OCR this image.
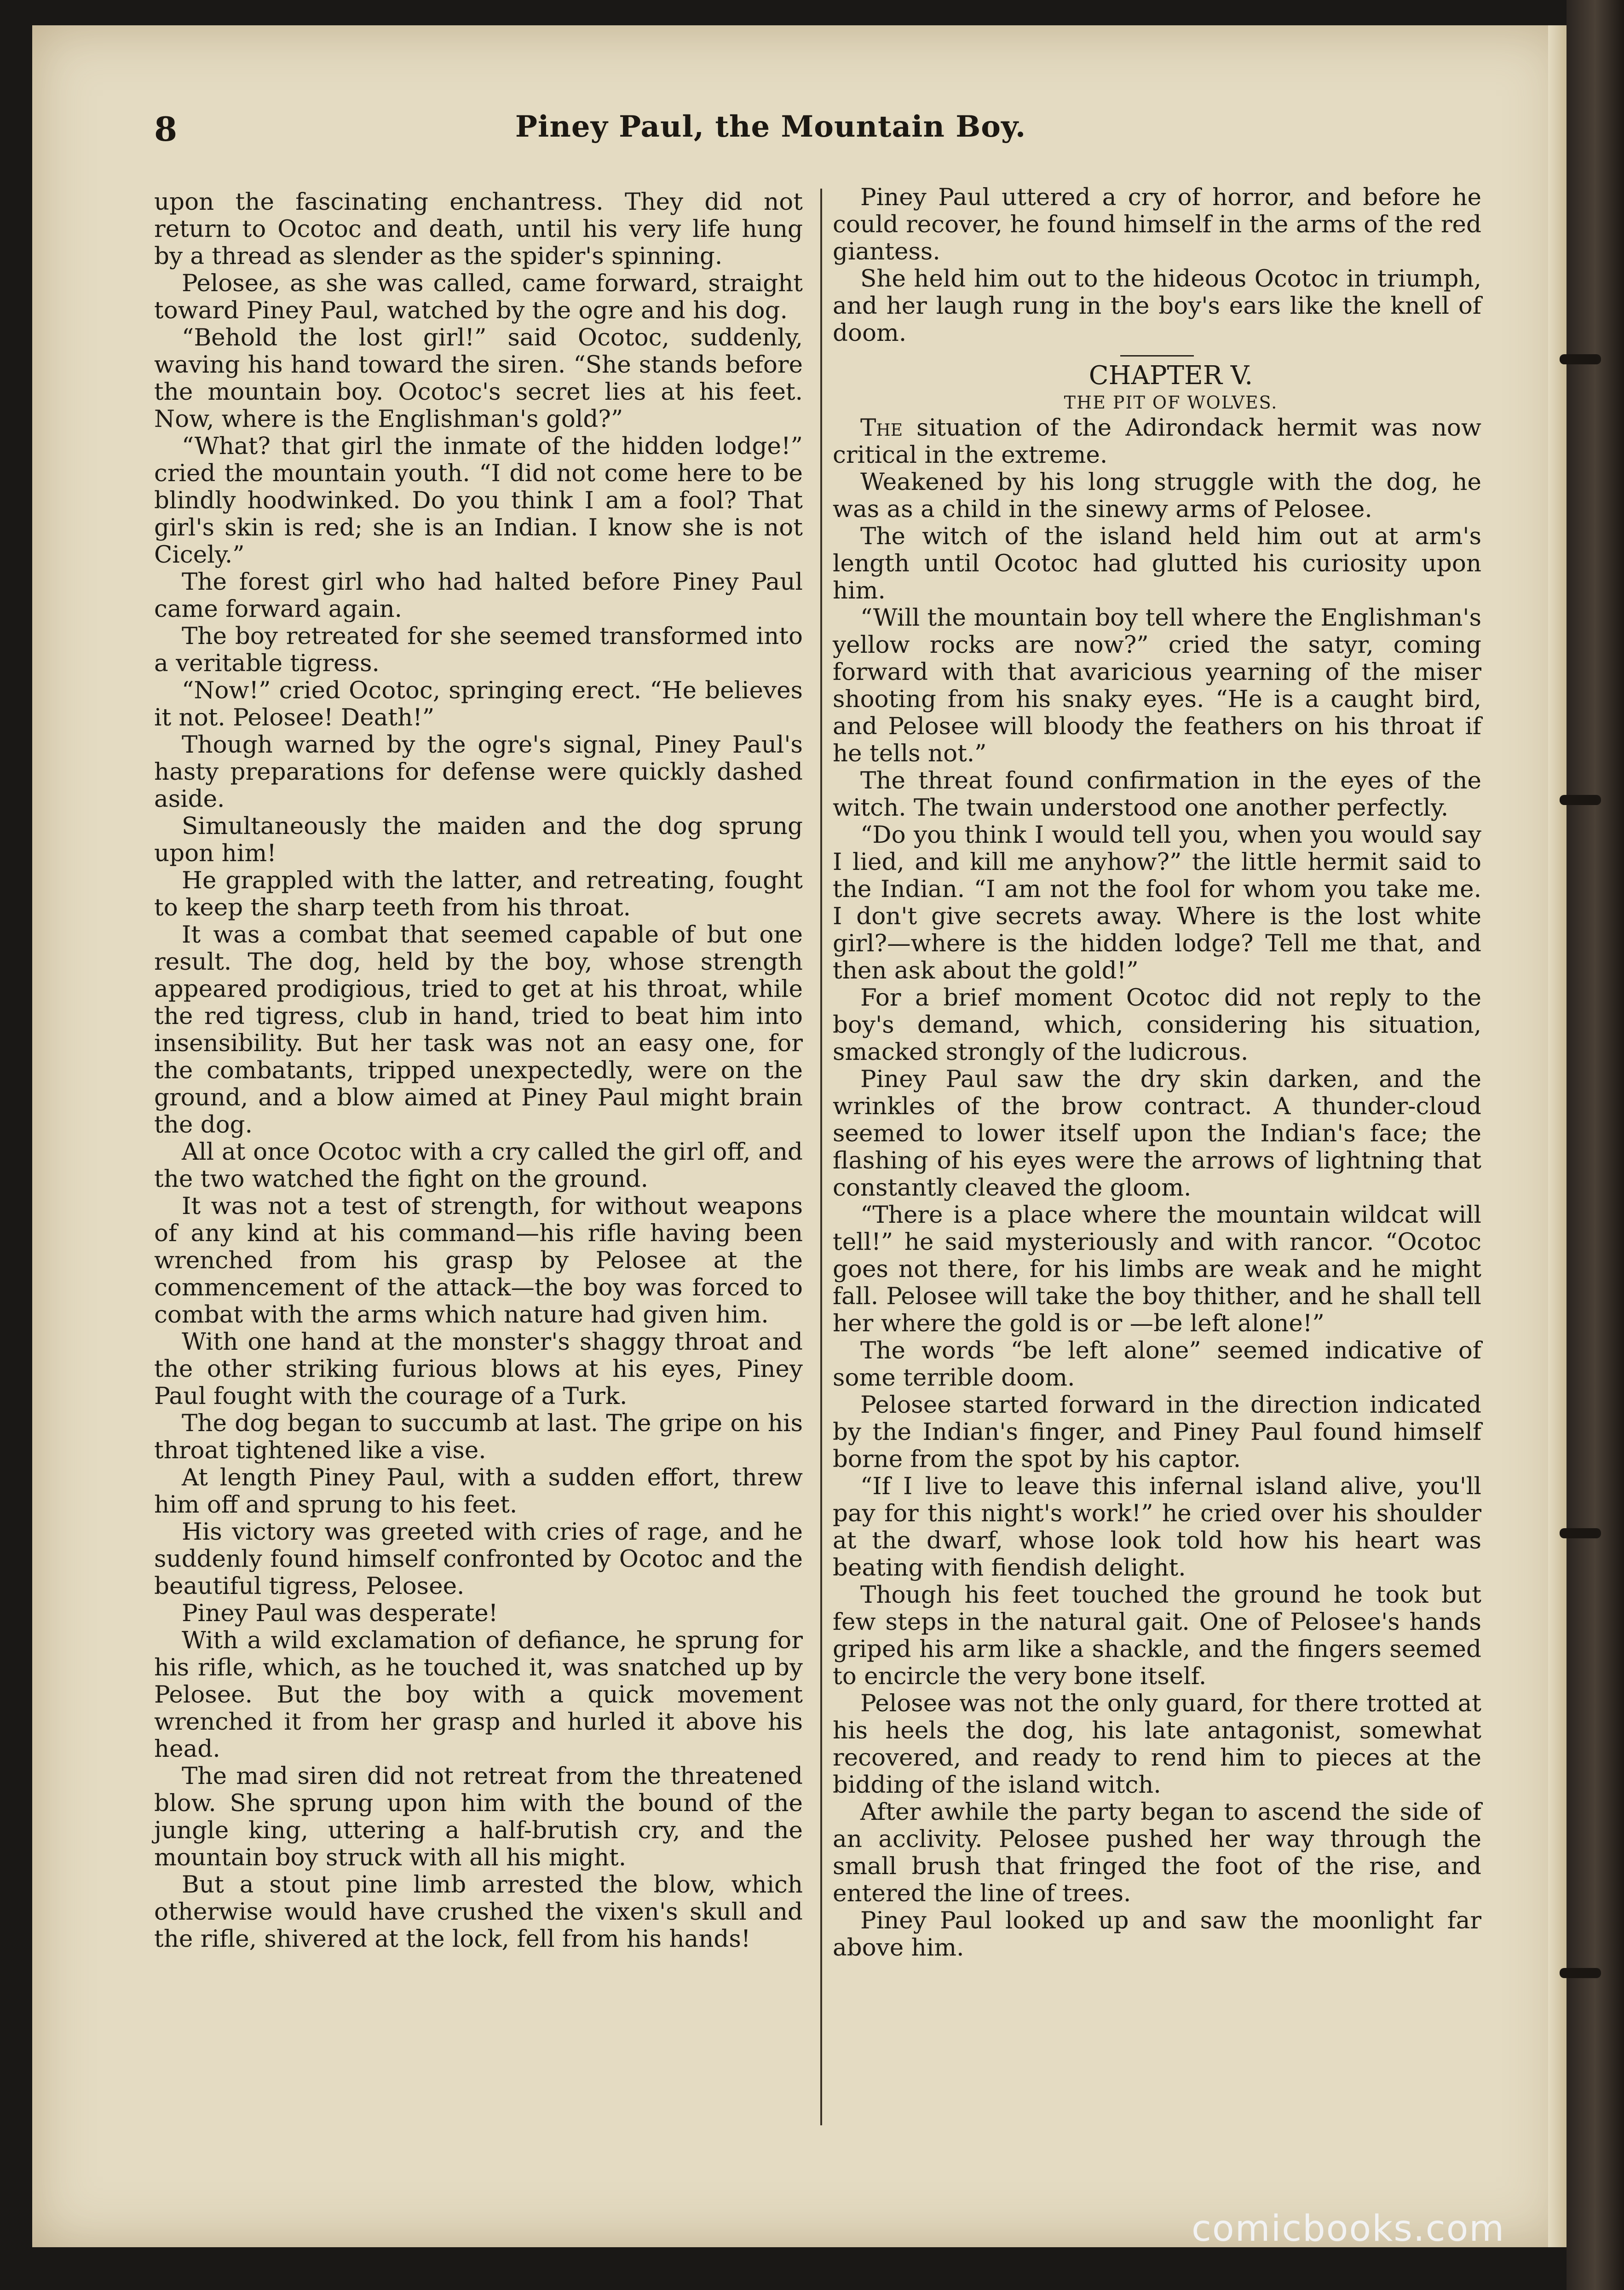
8	Piney Paul, the Mountain Boy.

upon the fascinating enchantress. They did not return to Ocotoc and death, until his very life hung by a thread as slender as the spider's spinning.

Pelosee, as she was called, came forward, straight toward Piney Paul, watched by the ogre and his dog.

“Behold the lost girl!” said Ocotoc, suddenly, waving his hand toward the siren. “She stands before the mountain boy. Ocotoc's secret lies at his feet. Now, where is the Englishman's gold?”

“What? that girl the inmate of the hidden lodge!” cried the mountain youth. “I did not come here to be blindly hoodwinked. Do you think I am a fool? That girl's skin is red; she is an Indian. I know she is not Cicely.”

The forest girl who had halted before Piney Paul came forward again.

The boy retreated for she seemed transformed into a veritable tigress.

“Now!” cried Ocotoc, springing erect. “He believes it not. Pelosee! Death!”

Though warned by the ogre's signal, Piney Paul's hasty preparations for defense were quickly dashed aside.

Simultaneously the maiden and the dog sprung upon him!

He grappled with the latter, and retreating, fought to keep the sharp teeth from his throat.

It was a combat that seemed capable of but one result. The dog, held by the boy, whose strength appeared prodigious, tried to get at his throat, while the red tigress, club in hand, tried to beat him into insensibility. But her task was not an easy one, for the combatants, tripped unexpectedly, were on the ground, and a blow aimed at Piney Paul might brain the dog.

All at once Ocotoc with a cry called the girl off, and the two watched the fight on the ground.

It was not a test of strength, for without weapons of any kind at his command—his rifle having been wrenched from his grasp by Pelosee at the commencement of the attack—the boy was forced to combat with the arms which nature had given him.

With one hand at the monster's shaggy throat and the other striking furious blows at his eyes, Piney Paul fought with the courage of a Turk.

The dog began to succumb at last. The gripe on his throat tightened like a vise.

At length Piney Paul, with a sudden effort, threw him off and sprung to his feet.

His victory was greeted with cries of rage, and he suddenly found himself confronted by Ocotoc and the beautiful tigress, Pelosee.

Piney Paul was desperate!

With a wild exclamation of defiance, he sprung for his rifle, which, as he touched it, was snatched up by Pelosee. But the boy with a quick movement wrenched it from her grasp and hurled it above his head.

The mad siren did not retreat from the threatened blow. She sprung upon him with the bound of the jungle king, uttering a half-brutish cry, and the mountain boy struck with all his might.

But a stout pine limb arrested the blow, which otherwise would have crushed the vixen's skull and the rifle, shivered at the lock, fell from his hands!

Piney Paul uttered a cry of horror, and before he could recover, he found himself in the arms of the red giantess.

She held him out to the hideous Ocotoc in triumph, and her laugh rung in the boy's ears like the knell of doom.

CHAPTER V.

THE PIT OF WOLVES.

The situation of the Adirondack hermit was now critical in the extreme.

Weakened by his long struggle with the dog, he was as a child in the sinewy arms of Pelosee.

The witch of the island held him out at arm's length until Ocotoc had glutted his curiosity upon him.

“Will the mountain boy tell where the Englishman's yellow rocks are now?” cried the satyr, coming forward with that avaricious yearning of the miser shooting from his snaky eyes. “He is a caught bird, and Pelosee will bloody the feathers on his throat if he tells not.”

The threat found confirmation in the eyes of the witch. The twain understood one another perfectly.

“Do you think I would tell you, when you would say I lied, and kill me anyhow?” the little hermit said to the Indian. “I am not the fool for whom you take me. I don't give secrets away. Where is the lost white girl?—where is the hidden lodge? Tell me that, and then ask about the gold!”

For a brief moment Ocotoc did not reply to the boy's demand, which, considering his situation, smacked strongly of the ludicrous.

Piney Paul saw the dry skin darken, and the wrinkles of the brow contract. A thunder-cloud seemed to lower itself upon the Indian's face; the flashing of his eyes were the arrows of lightning that constantly cleaved the gloom.

“There is a place where the mountain wildcat will tell!” he said mysteriously and with rancor. “Ocotoc goes not there, for his limbs are weak and he might fall. Pelosee will take the boy thither, and he shall tell her where the gold is or —be left alone!”

The words “be left alone” seemed indicative of some terrible doom.

Pelosee started forward in the direction indicated by the Indian's finger, and Piney Paul found himself borne from the spot by his captor.

“If I live to leave this infernal island alive, you'll pay for this night's work!” he cried over his shoulder at the dwarf, whose look told how his heart was beating with fiendish delight.

Though his feet touched the ground he took but few steps in the natural gait. One of Pelosee's hands griped his arm like a shackle, and the fingers seemed to encircle the very bone itself.

Pelosee was not the only guard, for there trotted at his heels the dog, his late antagonist, somewhat recovered, and ready to rend him to pieces at the bidding of the island witch.

After awhile the party began to ascend the side of an acclivity. Pelosee pushed her way through the small brush that fringed the foot of the rise, and entered the line of trees.

Piney Paul looked up and saw the moonlight far above him.

comicbooks.com
